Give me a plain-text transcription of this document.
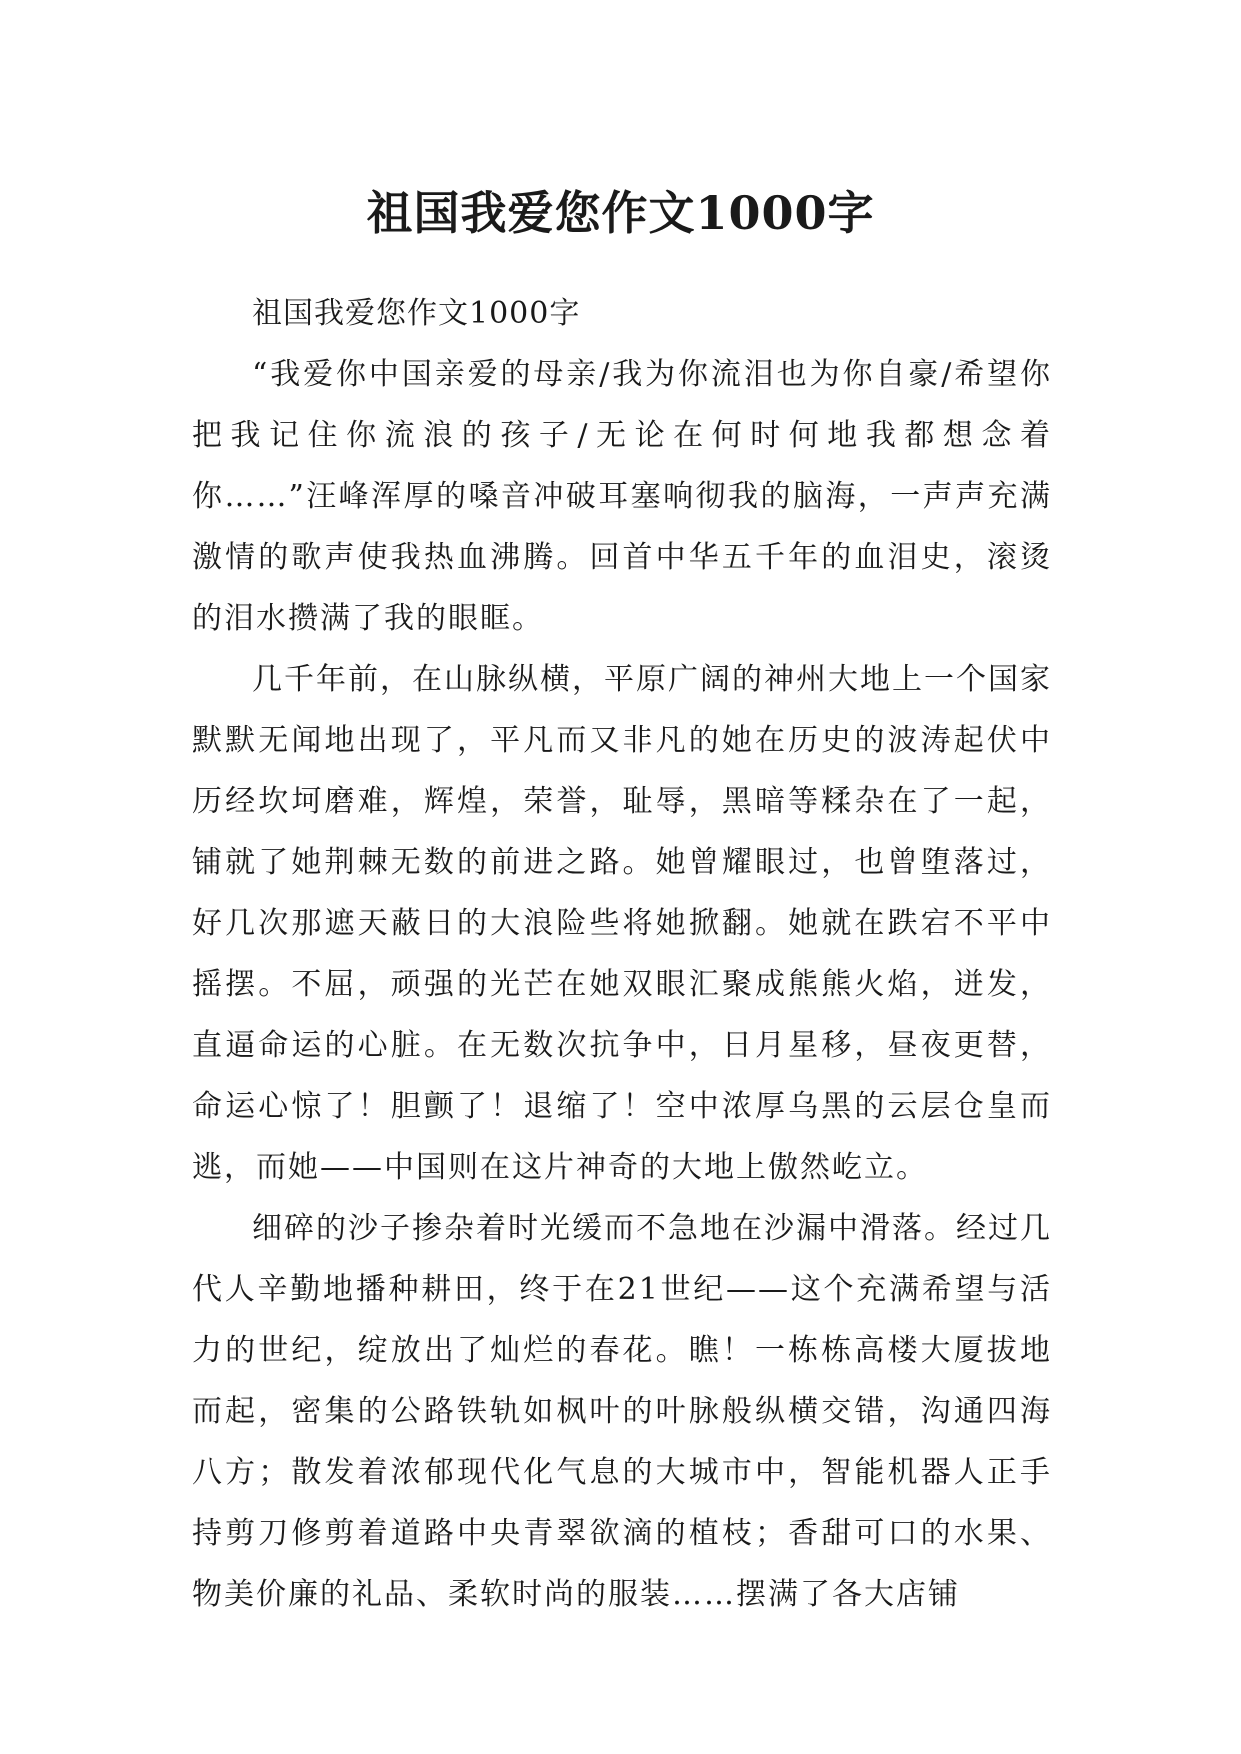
祖国我爱您作文1000字

祖国我爱您作文1000字

“我爱你中国亲爱的母亲/我为你流泪也为你自豪/希望你把我记住你流浪的孩子/无论在何时何地我都想念着你……”汪峰浑厚的嗓音冲破耳塞响彻我的脑海，一声声充满激情的歌声使我热血沸腾。回首中华五千年的血泪史，滚烫的泪水攒满了我的眼眶。

几千年前，在山脉纵横，平原广阔的神州大地上一个国家默默无闻地出现了，平凡而又非凡的她在历史的波涛起伏中历经坎坷磨难，辉煌，荣誉，耻辱，黑暗等糅杂在了一起，铺就了她荆棘无数的前进之路。她曾耀眼过，也曾堕落过，好几次那遮天蔽日的大浪险些将她掀翻。她就在跌宕不平中摇摆。不屈，顽强的光芒在她双眼汇聚成熊熊火焰，迸发，直逼命运的心脏。在无数次抗争中，日月星移，昼夜更替，命运心惊了！胆颤了！退缩了！空中浓厚乌黑的云层仓皇而逃，而她——中国则在这片神奇的大地上傲然屹立。

细碎的沙子掺杂着时光缓而不急地在沙漏中滑落。经过几代人辛勤地播种耕田，终于在21世纪——这个充满希望与活力的世纪，绽放出了灿烂的春花。瞧！一栋栋高楼大厦拔地而起，密集的公路铁轨如枫叶的叶脉般纵横交错，沟通四海八方；散发着浓郁现代化气息的大城市中，智能机器人正手持剪刀修剪着道路中央青翠欲滴的植枝；香甜可口的水果、物美价廉的礼品、柔软时尚的服装……摆满了各大店铺
